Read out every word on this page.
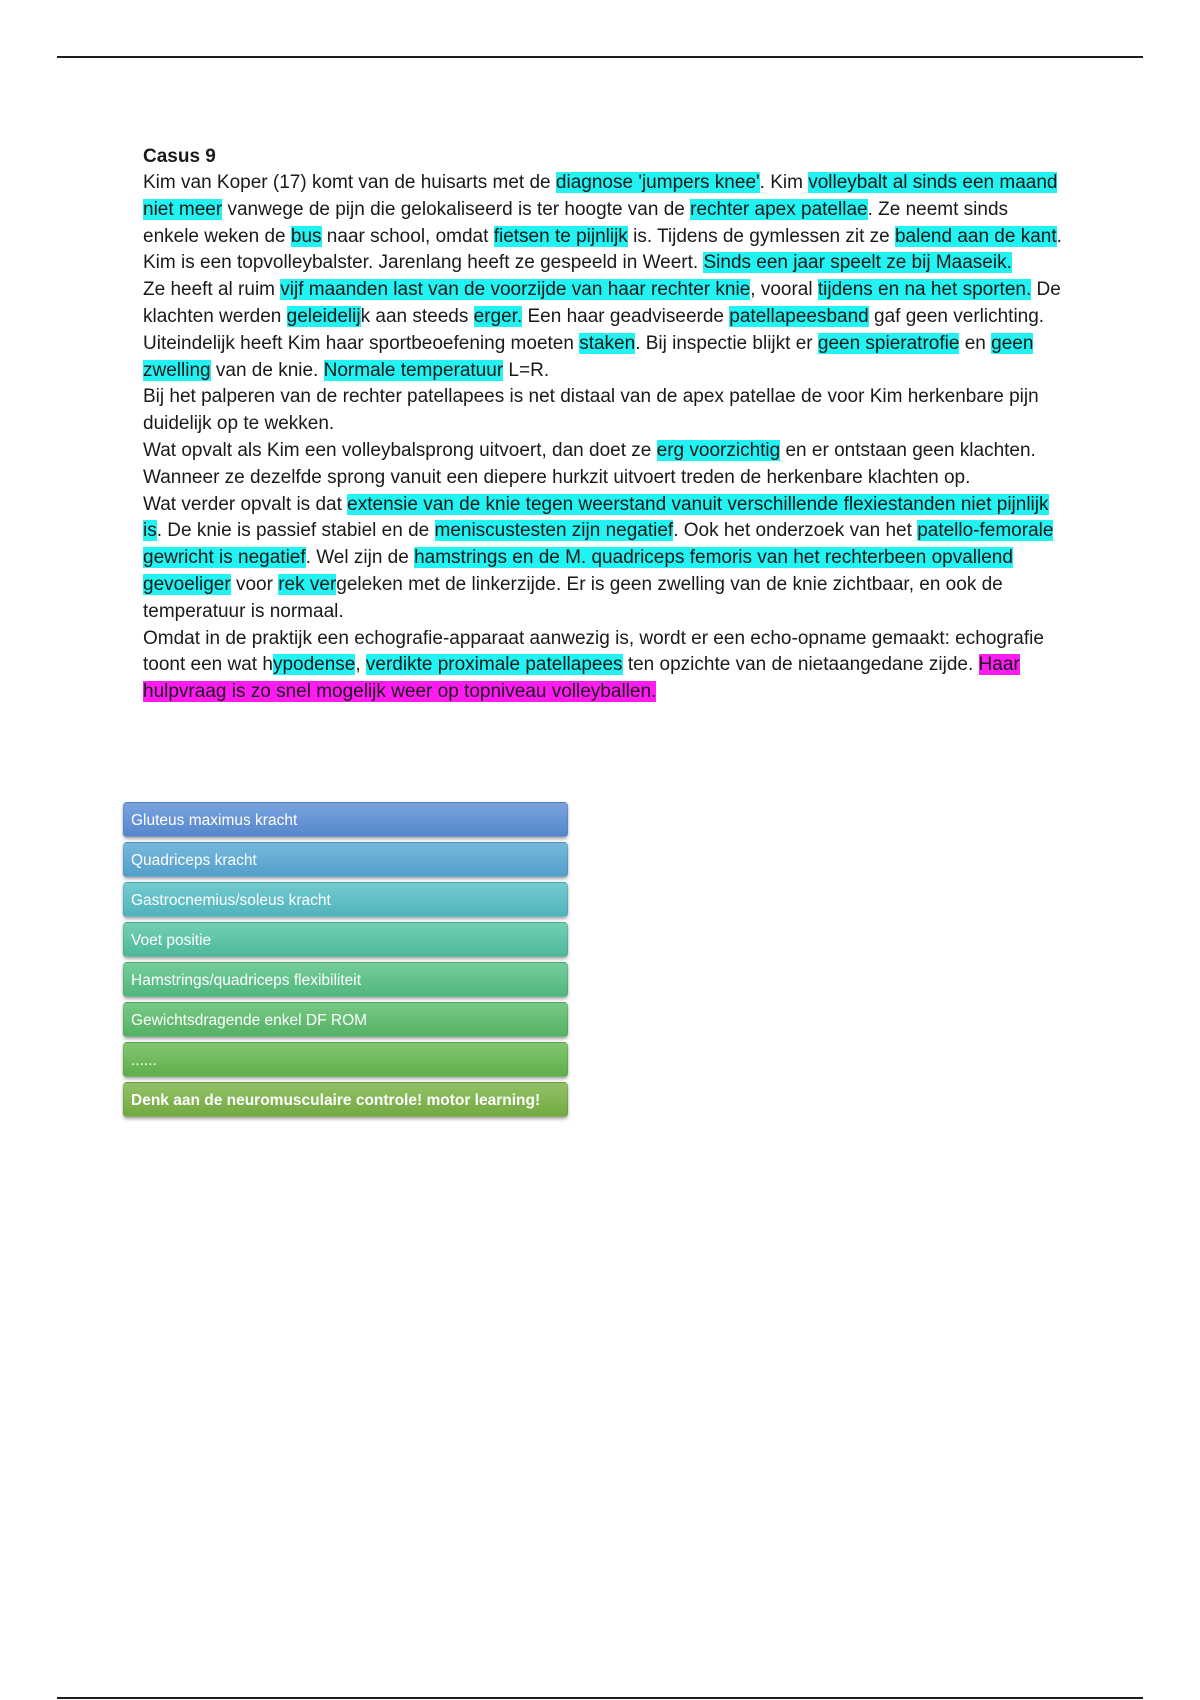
Casus 9

Kim van Koper (17) komt van de huisarts met de diagnose 'jumpers knee'. Kim volleybalt al sinds een maand niet meer vanwege de pijn die gelokaliseerd is ter hoogte van de rechter apex patellae. Ze neemt sinds enkele weken de bus naar school, omdat fietsen te pijnlijk is. Tijdens de gymlessen zit ze balend aan de kant. Kim is een topvolleybalster. Jarenlang heeft ze gespeeld in Weert. Sinds een jaar speelt ze bij Maaseik.

Ze heeft al ruim vijf maanden last van de voorzijde van haar rechter knie, vooral tijdens en na het sporten. De klachten werden geleidelijk aan steeds erger. Een haar geadviseerde patellapeesband gaf geen verlichting. Uiteindelijk heeft Kim haar sportbeoefening moeten staken. Bij inspectie blijkt er geen spieratrofie en geen zwelling van de knie. Normale temperatuur L=R.

Bij het palperen van de rechter patellapees is net distaal van de apex patellae de voor Kim herkenbare pijn duidelijk op te wekken.

Wat opvalt als Kim een volleybalsprong uitvoert, dan doet ze erg voorzichtig en er ontstaan geen klachten. Wanneer ze dezelfde sprong vanuit een diepere hurkzit uitvoert treden de herkenbare klachten op.

Wat verder opvalt is dat extensie van de knie tegen weerstand vanuit verschillende flexiestanden niet pijnlijk is. De knie is passief stabiel en de meniscustesten zijn negatief. Ook het onderzoek van het patello-femorale gewricht is negatief. Wel zijn de hamstrings en de M. quadriceps femoris van het rechterbeen opvallend gevoeliger voor rek vergeleken met de linkerzijde. Er is geen zwelling van de knie zichtbaar, en ook de temperatuur is normaal.

Omdat in de praktijk een echografie-apparaat aanwezig is, wordt er een echo-opname gemaakt: echografie toont een wat hypodense, verdikte proximale patellapees ten opzichte van de nietaangedane zijde. Haar hulpvraag is zo snel mogelijk weer op topniveau volleyballen.

Gluteus maximus kracht
Quadriceps kracht
Gastrocnemius/soleus kracht
Voet positie
Hamstrings/quadriceps flexibiliteit
Gewichtsdragende enkel DF ROM
......
Denk aan de neuromusculaire controle! motor learning!
